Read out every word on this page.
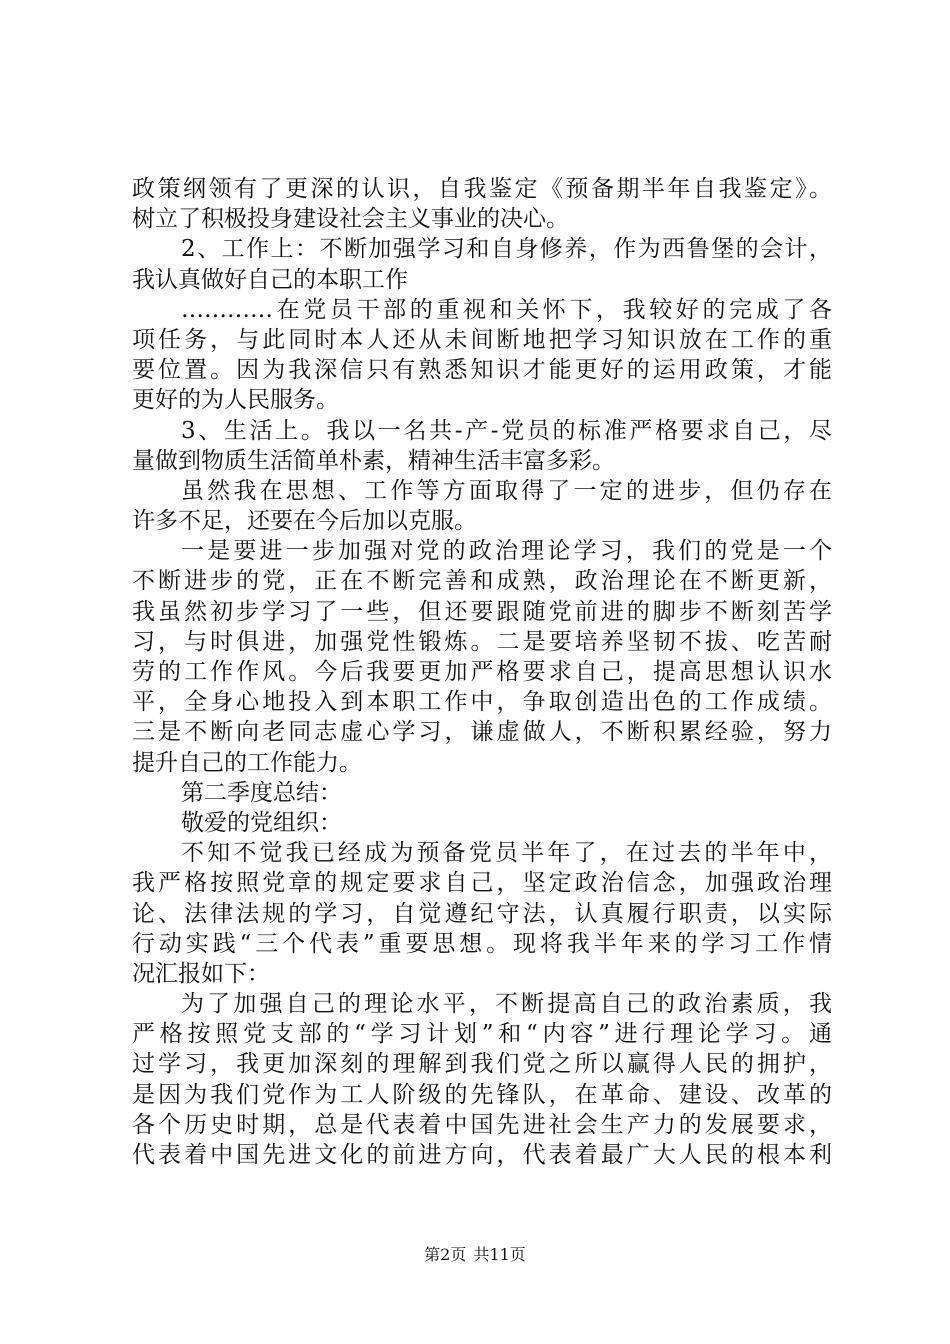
政策纲领有了更深的认识，自我鉴定《预备期半年自我鉴定》。
树立了积极投身建设社会主义事业的决心。
2、工作上：不断加强学习和自身修养，作为西鲁堡的会计，
我认真做好自己的本职工作
…………在党员干部的重视和关怀下，我较好的完成了各
项任务，与此同时本人还从未间断地把学习知识放在工作的重
要位置。因为我深信只有熟悉知识才能更好的运用政策，才能
更好的为人民服务。
3、生活上。我以一名共-产-党员的标准严格要求自己，尽
量做到物质生活简单朴素，精神生活丰富多彩。
虽然我在思想、工作等方面取得了一定的进步，但仍存在
许多不足，还要在今后加以克服。
一是要进一步加强对党的政治理论学习，我们的党是一个
不断进步的党，正在不断完善和成熟，政治理论在不断更新，
我虽然初步学习了一些，但还要跟随党前进的脚步不断刻苦学
习，与时俱进，加强党性锻炼。二是要培养坚韧不拔、吃苦耐
劳的工作作风。今后我要更加严格要求自己，提高思想认识水
平，全身心地投入到本职工作中，争取创造出色的工作成绩。
三是不断向老同志虚心学习，谦虚做人，不断积累经验，努力
提升自己的工作能力。
第二季度总结：
敬爱的党组织：
不知不觉我已经成为预备党员半年了，在过去的半年中，
我严格按照党章的规定要求自己，坚定政治信念，加强政治理
论、法律法规的学习，自觉遵纪守法，认真履行职责，以实际
行动实践“三个代表”重要思想。现将我半年来的学习工作情
况汇报如下：
为了加强自己的理论水平，不断提高自己的政治素质，我
严格按照党支部的“学习计划”和“内容”进行理论学习。通
过学习，我更加深刻的理解到我们党之所以赢得人民的拥护，
是因为我们党作为工人阶级的先锋队，在革命、建设、改革的
各个历史时期，总是代表着中国先进社会生产力的发展要求，
代表着中国先进文化的前进方向，代表着最广大人民的根本利
第2页 共11页
